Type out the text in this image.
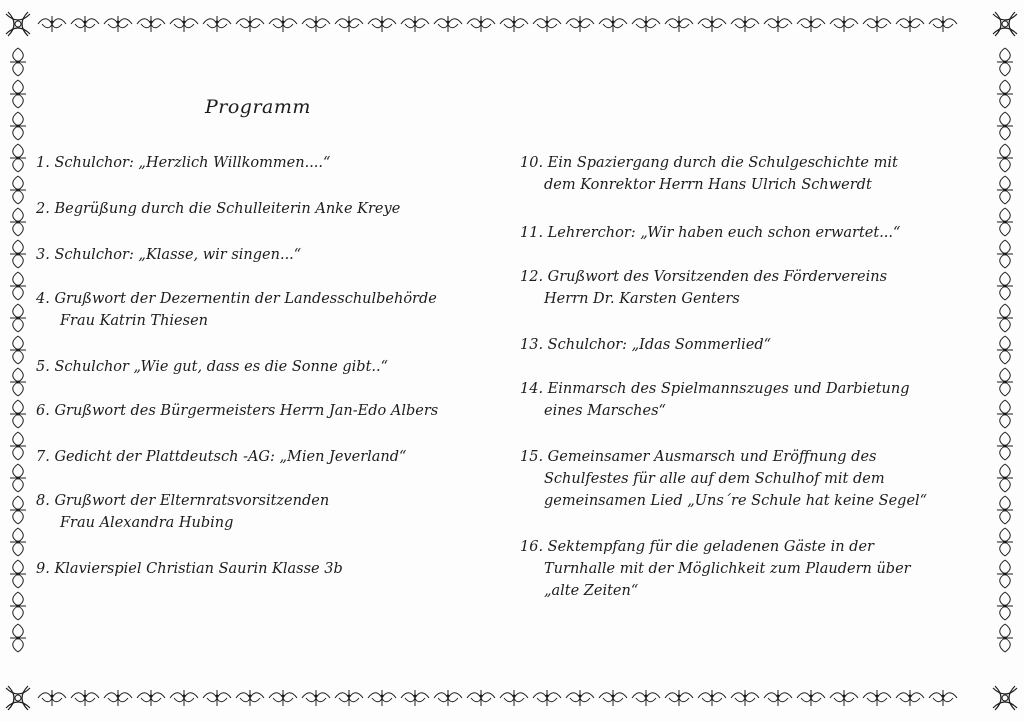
Programm
1. Schulchor: „Herzlich Willkommen....“
2. Begrüßung durch die Schulleiterin Anke Kreye
3. Schulchor: „Klasse, wir singen...“
4. Grußwort der Dezernentin der Landesschulbehörde
Frau Katrin Thiesen
5. Schulchor „Wie gut, dass es die Sonne gibt..“
6. Grußwort des Bürgermeisters Herrn Jan-Edo Albers
7. Gedicht der Plattdeutsch -AG: „Mien Jeverland“
8. Grußwort der Elternratsvorsitzenden
Frau Alexandra Hubing
9. Klavierspiel Christian Saurin Klasse 3b
10. Ein Spaziergang durch die Schulgeschichte mit
dem Konrektor Herrn Hans Ulrich Schwerdt
11. Lehrerchor: „Wir haben euch schon erwartet...“
12. Grußwort des Vorsitzenden des Fördervereins
Herrn Dr. Karsten Genters
13. Schulchor: „Idas Sommerlied“
14. Einmarsch des Spielmannszuges und Darbietung
eines Marsches“
15. Gemeinsamer Ausmarsch und Eröffnung des
Schulfestes für alle auf dem Schulhof mit dem
gemeinsamen Lied „Uns´re Schule hat keine Segel“
16. Sektempfang für die geladenen Gäste in der
Turnhalle mit der Möglichkeit zum Plaudern über
„alte Zeiten“
